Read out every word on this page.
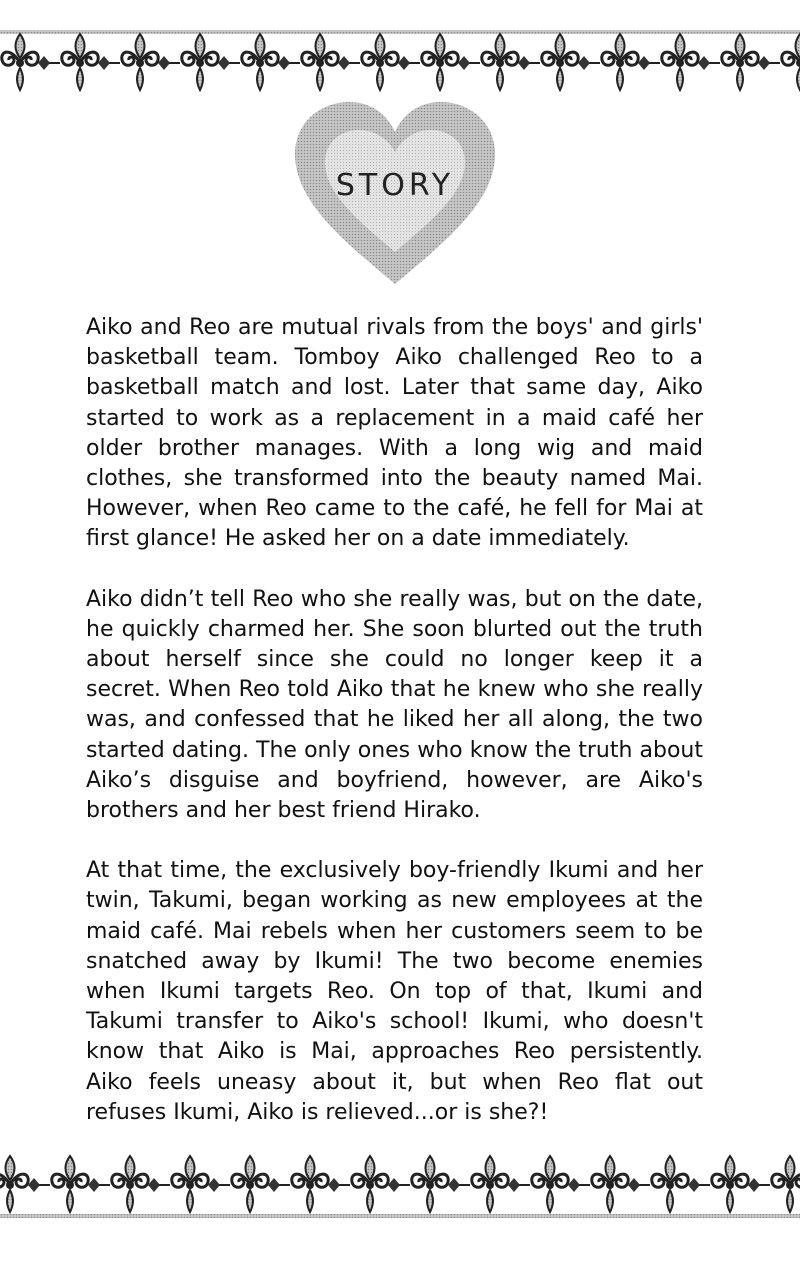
STORY

Aiko and Reo are mutual rivals from the boys' and girls' basketball team. Tomboy Aiko challenged Reo to a basketball match and lost. Later that same day, Aiko started to work as a replacement in a maid café her older brother manages. With a long wig and maid clothes, she transformed into the beauty named Mai. However, when Reo came to the café, he fell for Mai at first glance! He asked her on a date immediately.

Aiko didn’t tell Reo who she really was, but on the date, he quickly charmed her. She soon blurted out the truth about herself since she could no longer keep it a secret. When Reo told Aiko that he knew who she really was, and confessed that he liked her all along, the two started dating. The only ones who know the truth about Aiko’s disguise and boyfriend, however, are Aiko's brothers and her best friend Hirako.

At that time, the exclusively boy-friendly Ikumi and her twin, Takumi, began working as new employees at the maid café. Mai rebels when her customers seem to be snatched away by Ikumi! The two become enemies when Ikumi targets Reo. On top of that, Ikumi and Takumi transfer to Aiko's school! Ikumi, who doesn't know that Aiko is Mai, approaches Reo persistently. Aiko feels uneasy about it, but when Reo flat out refuses Ikumi, Aiko is relieved...or is she?!
